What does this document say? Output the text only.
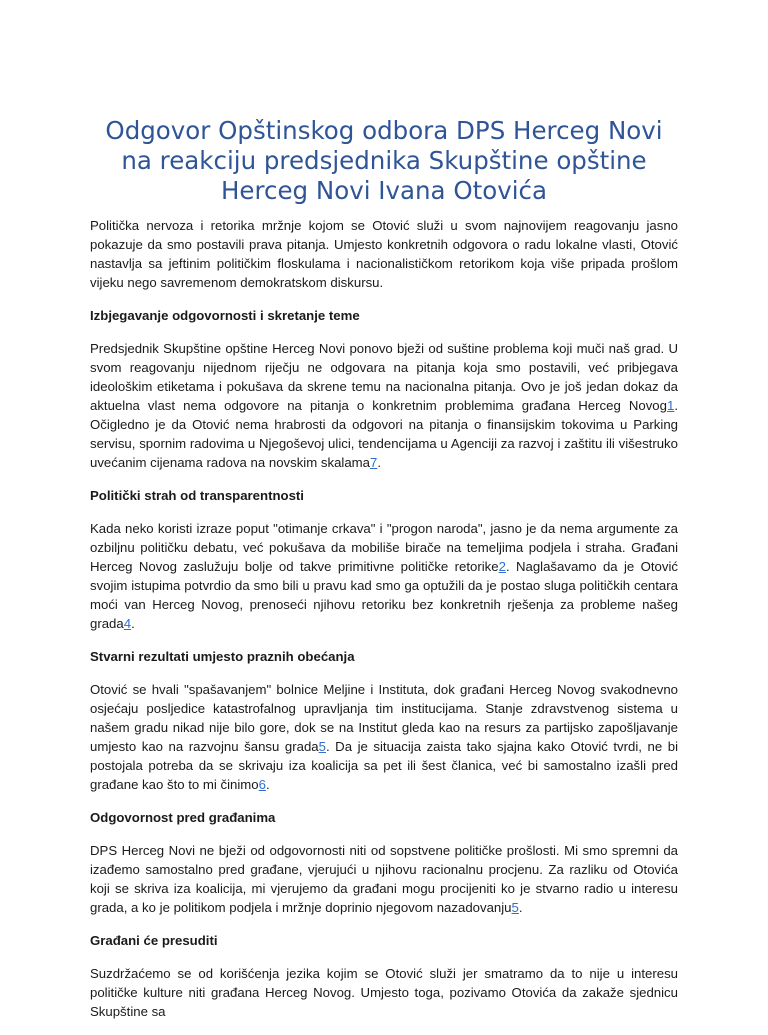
Odgovor Opštinskog odbora DPS Herceg Novi na reakciju predsjednika Skupštine opštine Herceg Novi Ivana Otovića

Politička nervoza i retorika mržnje kojom se Otović služi u svom najnovijem reagovanju jasno pokazuje da smo postavili prava pitanja. Umjesto konkretnih odgovora o radu lokalne vlasti, Otović nastavlja sa jeftinim političkim floskulama i nacionalističkom retorikom koja više pripada prošlom vijeku nego savremenom demokratskom diskursu.

Izbjegavanje odgovornosti i skretanje teme

Predsjednik Skupštine opštine Herceg Novi ponovo bježi od suštine problema koji muči naš grad. U svom reagovanju nijednom riječju ne odgovara na pitanja koja smo postavili, već pribjegava ideološkim etiketama i pokušava da skrene temu na nacionalna pitanja. Ovo je još jedan dokaz da aktuelna vlast nema odgovore na pitanja o konkretnim problemima građana Herceg Novog1. Očigledno je da Otović nema hrabrosti da odgovori na pitanja o finansijskim tokovima u Parking servisu, spornim radovima u Njegoševoj ulici, tendencijama u Agenciji za razvoj i zaštitu ili višestruko uvećanim cijenama radova na novskim skalama7.

Politički strah od transparentnosti

Kada neko koristi izraze poput "otimanje crkava" i "progon naroda", jasno je da nema argumente za ozbiljnu političku debatu, već pokušava da mobiliše birače na temeljima podjela i straha. Građani Herceg Novog zaslužuju bolje od takve primitivne političke retorike2. Naglašavamo da je Otović svojim istupima potvrdio da smo bili u pravu kad smo ga optužili da je postao sluga političkih centara moći van Herceg Novog, prenoseći njihovu retoriku bez konkretnih rješenja za probleme našeg grada4.

Stvarni rezultati umjesto praznih obećanja

Otović se hvali "spašavanjem" bolnice Meljine i Instituta, dok građani Herceg Novog svakodnevno osjećaju posljedice katastrofalnog upravljanja tim institucijama. Stanje zdravstvenog sistema u našem gradu nikad nije bilo gore, dok se na Institut gleda kao na resurs za partijsko zapošljavanje umjesto kao na razvojnu šansu grada5. Da je situacija zaista tako sjajna kako Otović tvrdi, ne bi postojala potreba da se skrivaju iza koalicija sa pet ili šest članica, već bi samostalno izašli pred građane kao što to mi činimo6.

Odgovornost pred građanima

DPS Herceg Novi ne bježi od odgovornosti niti od sopstvene političke prošlosti. Mi smo spremni da izađemo samostalno pred građane, vjerujući u njihovu racionalnu procjenu. Za razliku od Otovića koji se skriva iza koalicija, mi vjerujemo da građani mogu procijeniti ko je stvarno radio u interesu grada, a ko je politikom podjela i mržnje doprinio njegovom nazadovanju5.

Građani će presuditi

Suzdržaćemo se od korišćenja jezika kojim se Otović služi jer smatramo da to nije u interesu političke kulture niti građana Herceg Novog. Umjesto toga, pozivamo Otovića da zakaže sjednicu Skupštine sa
